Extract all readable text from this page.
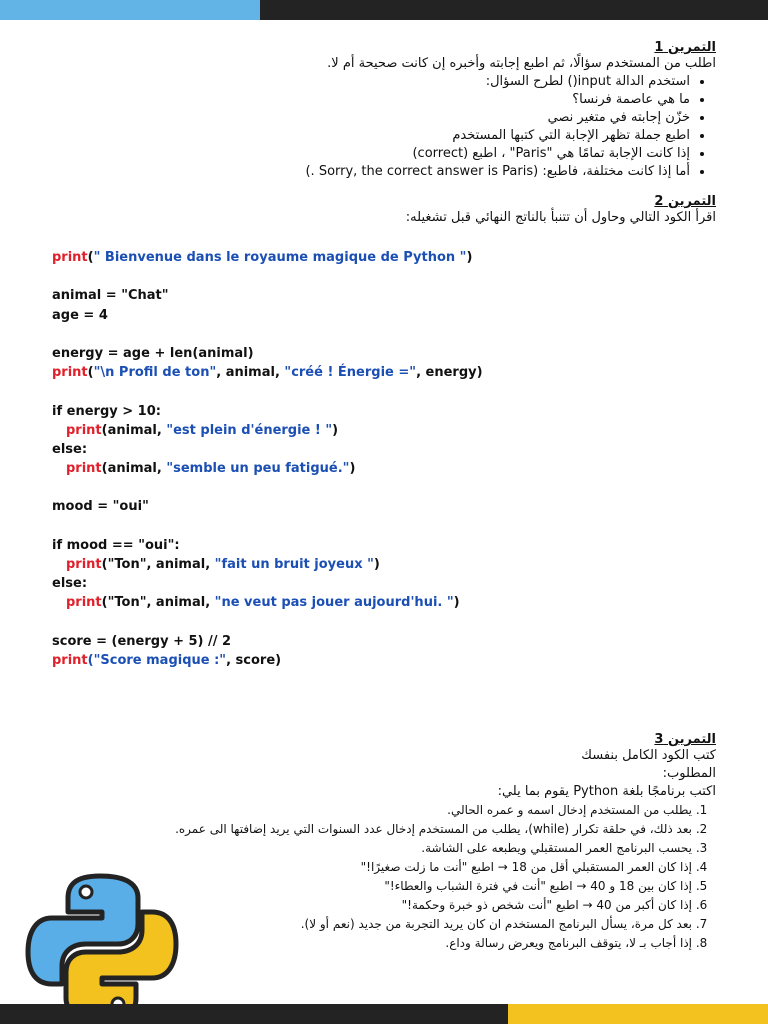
التمرين 1

اطلب من المستخدم سؤالًا، ثم اطبع إجابته وأخبره إن كانت صحيحة أم لا.

• استخدم الدالة input() لطرح السؤال:
• ما هي عاصمة فرنسا؟
• خزّن إجابته في متغير نصي
• اطبع جملة تظهر الإجابة التي كتبها المستخدم
• إذا كانت الإجابة تمامًا هي "Paris" ، اطبع (correct)
• أما إذا كانت مختلفة، فاطبع: (Sorry, the correct answer is Paris .)

التمرين 2

اقرأ الكود التالي وحاول أن تتنبأ بالناتج النهائي قبل تشغيله:

print(" Bienvenue dans le royaume magique de Python ")
animal = "Chat"
age = 4
energy = age + len(animal)
print("\n Profil de ton", animal, "créé ! Énergie =", energy)
if energy > 10:
print(animal, "est plein d'énergie ! ")
else:
print(animal, "semble un peu fatigué.")
mood = "oui"
if mood == "oui":
print("Ton", animal, "fait un bruit joyeux ")
else:
print("Ton", animal, "ne veut pas jouer aujourd'hui. ")
score = (energy + 5) // 2
print("Score magique :", score)

التمرين 3

كتب الكود الكامل بنفسك

المطلوب:

اكتب برنامجًا بلغة Python يقوم بما يلي:

1. يطلب من المستخدم إدخال اسمه و عمره الحالي.
2. بعد ذلك، في حلقة تكرار (while)، يطلب من المستخدم إدخال عدد السنوات التي يريد إضافتها الى عمره.
3. يحسب البرنامج العمر المستقبلي ويطبعه على الشاشة.
4. إذا كان العمر المستقبلي أقل من 18 → اطبع "أنت ما زلت صغيرًا!"
5. إذا كان بين 18 و 40 → اطبع "أنت في فترة الشباب والعطاء!"
6. إذا كان أكبر من 40 → اطبع "أنت شخص ذو خبرة وحكمة!"
7. بعد كل مرة، يسأل البرنامج المستخدم ان كان يريد التجربة من جديد (نعم أو لا).
8. إذا أجاب بـ لا، يتوقف البرنامج ويعرض رسالة وداع.
